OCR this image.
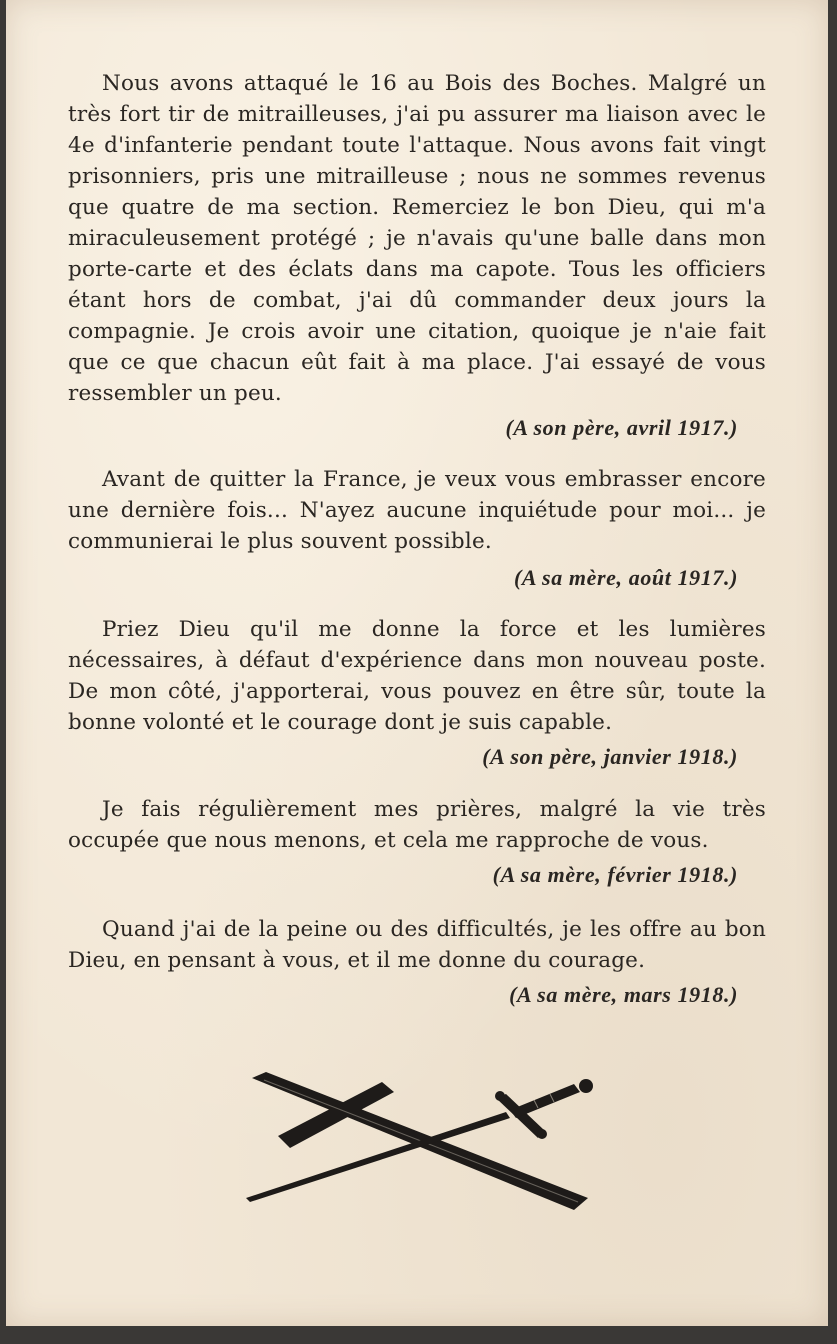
Nous avons attaqué le 16 au Bois des Boches. Malgré un très fort tir de mitrailleuses, j'ai pu assurer ma liaison avec le 4e d'infanterie pendant toute l'attaque. Nous avons fait vingt prisonniers, pris une mitrailleuse ; nous ne sommes revenus que quatre de ma section. Remerciez le bon Dieu, qui m'a miraculeusement protégé ; je n'avais qu'une balle dans mon porte-carte et des éclats dans ma capote. Tous les officiers étant hors de combat, j'ai dû commander deux jours la compagnie. Je crois avoir une citation, quoique je n'aie fait que ce que chacun eût fait à ma place. J'ai essayé de vous ressembler un peu.

(A son père, avril 1917.)

Avant de quitter la France, je veux vous embrasser encore une dernière fois... N'ayez aucune inquiétude pour moi... je communierai le plus souvent possible.

(A sa mère, août 1917.)

Priez Dieu qu'il me donne la force et les lumières nécessaires, à défaut d'expérience dans mon nouveau poste. De mon côté, j'apporterai, vous pouvez en être sûr, toute la bonne volonté et le courage dont je suis capable.

(A son père, janvier 1918.)

Je fais régulièrement mes prières, malgré la vie très occupée que nous menons, et cela me rapproche de vous.

(A sa mère, février 1918.)

Quand j'ai de la peine ou des difficultés, je les offre au bon Dieu, en pensant à vous, et il me donne du courage.

(A sa mère, mars 1918.)
